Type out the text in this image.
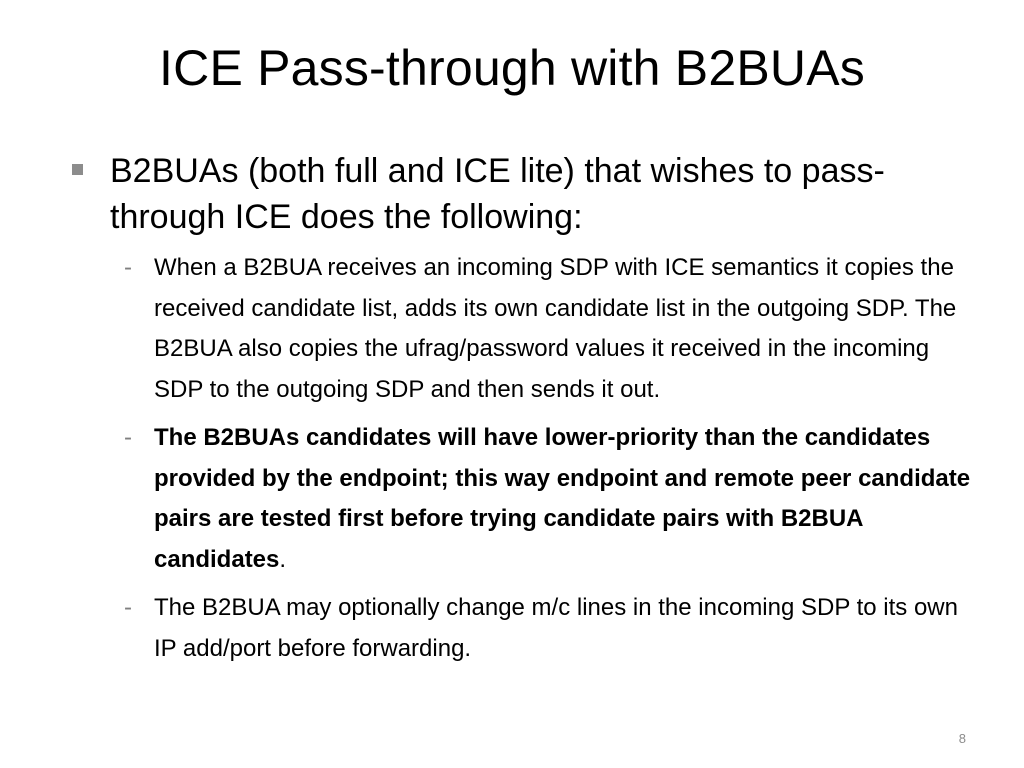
ICE Pass-through with B2BUAs
B2BUAs (both full and ICE lite) that wishes to pass-through ICE does the following:
- When a B2BUA receives an incoming SDP with ICE semantics it copies the received candidate list, adds its own candidate list in the outgoing SDP. The B2BUA also copies the ufrag/password values it received in the incoming SDP to the outgoing SDP and then sends it out.
- The B2BUAs candidates will have lower-priority than the candidates provided by the endpoint; this way endpoint and remote peer candidate pairs are tested first before trying candidate pairs with B2BUA candidates.
- The B2BUA may optionally change m/c lines in the incoming SDP to its own IP add/port before forwarding.
8
